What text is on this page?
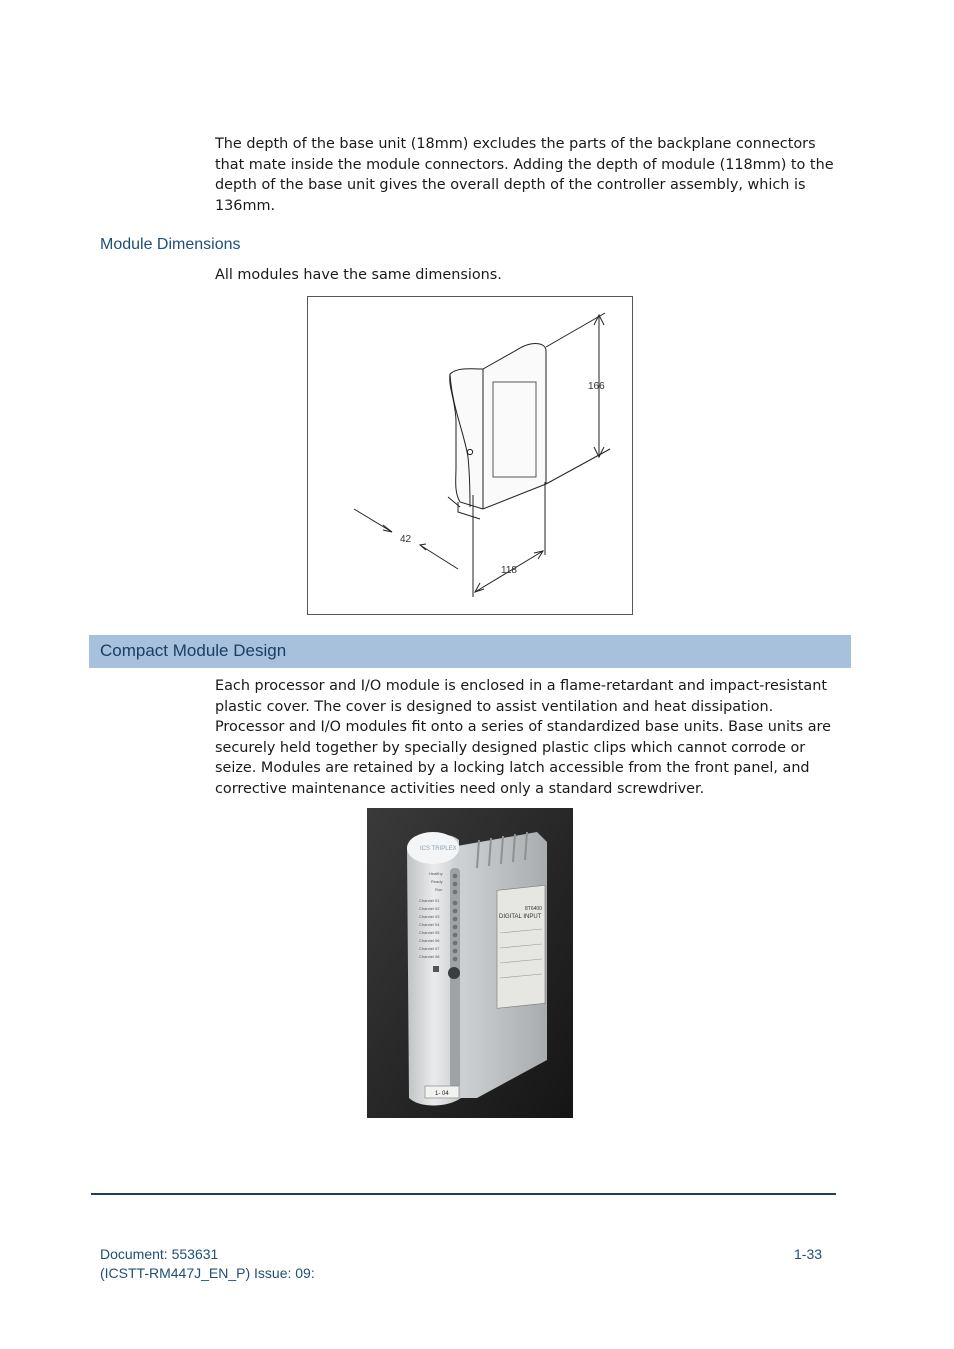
The depth of the base unit (18mm) excludes the parts of the backplane connectors that mate inside the module connectors. Adding the depth of module (118mm) to the depth of the base unit gives the overall depth of the controller assembly, which is 136mm.

Module Dimensions

All modules have the same dimensions.

166
42
118
Compact Module Design

Each processor and I/O module is enclosed in a flame-retardant and impact-resistant plastic cover. The cover is designed to assist ventilation and heat dissipation. Processor and I/O modules fit onto a series of standardized base units. Base units are securely held together by specially designed plastic clips which cannot corrode or seize. Modules are retained by a locking latch accessible from the front panel, and corrective maintenance activities need only a standard screwdriver.

DIGITAL INPUT
8T6400
ICS TRIPLEX
Healthy
Ready
Run
Channel 01
Channel 02
Channel 03
Channel 04
Channel 05
Channel 06
Channel 07
Channel 08
1- 04

Document: 553631

(ICSTT-RM447J_EN_P) Issue: 09:

1-33
